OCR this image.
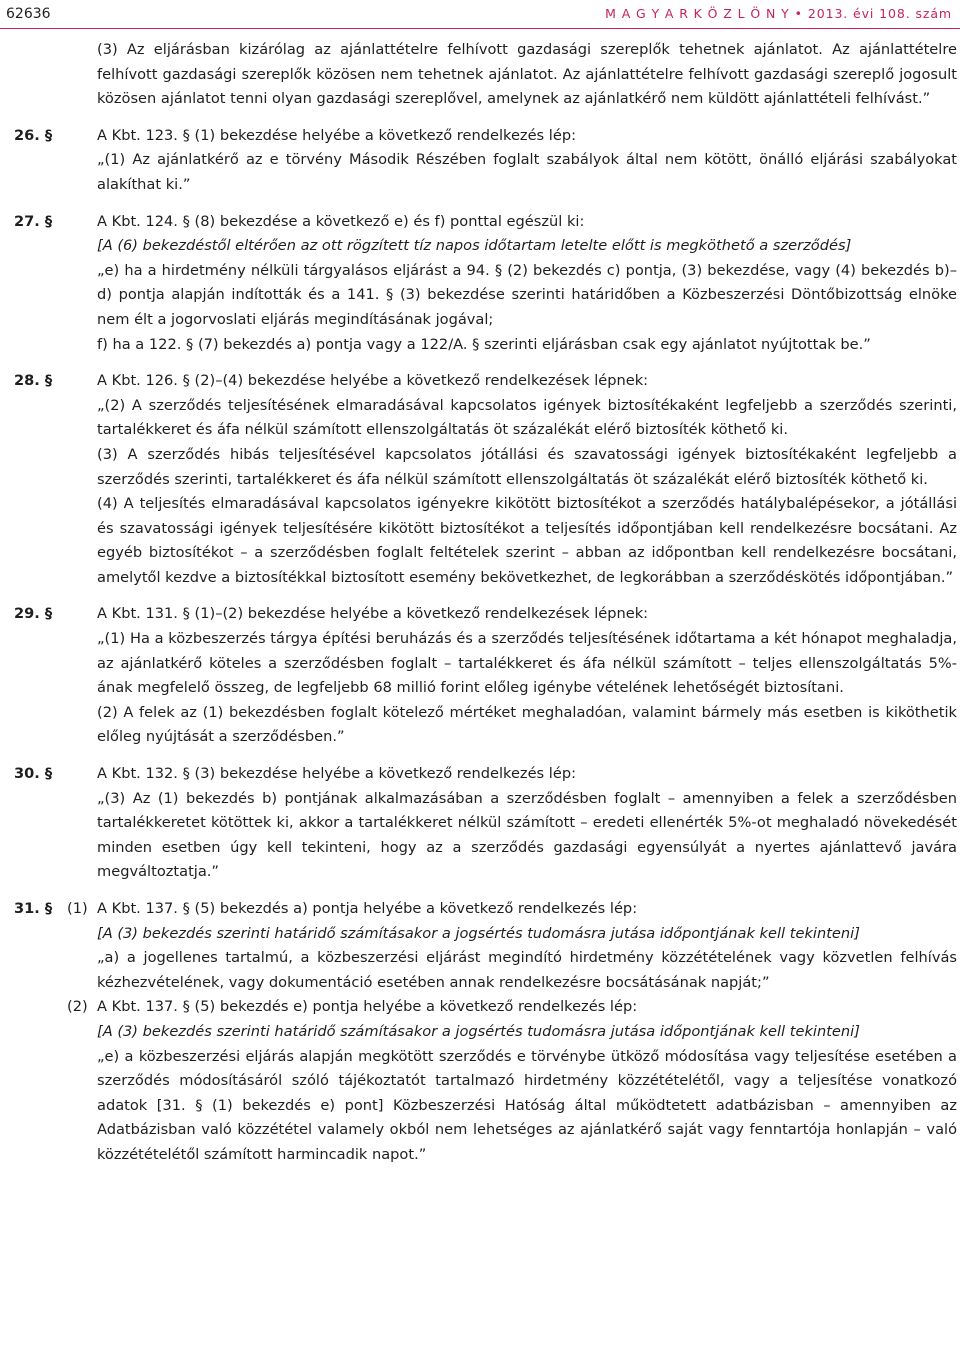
62636	M A G Y A R K Ö Z L Ö N Y • 2013. évi 108. szám

(3) Az eljárásban kizárólag az ajánlattételre felhívott gazdasági szereplők tehetnek ajánlatot. Az ajánlattételre felhívott gazdasági szereplők közösen nem tehetnek ajánlatot. Az ajánlattételre felhívott gazdasági szereplő jogosult közösen ajánlatot tenni olyan gazdasági szereplővel, amelynek az ajánlatkérő nem küldött ajánlattételi felhívást.”

26. §	A Kbt. 123. § (1) bekezdése helyébe a következő rendelkezés lép:

„(1) Az ajánlatkérő az e törvény Második Részében foglalt szabályok által nem kötött, önálló eljárási szabályokat alakíthat ki.”

27. §	A Kbt. 124. § (8) bekezdése a következő e) és f) ponttal egészül ki:

[A (6) bekezdéstől eltérően az ott rögzített tíz napos időtartam letelte előtt is megköthető a szerződés]

„e) ha a hirdetmény nélküli tárgyalásos eljárást a 94. § (2) bekezdés c) pontja, (3) bekezdése, vagy (4) bekezdés b)–d) pontja alapján indították és a 141. § (3) bekezdése szerinti határidőben a Közbeszerzési Döntőbizottság elnöke nem élt a jogorvoslati eljárás megindításának jogával;

f) ha a 122. § (7) bekezdés a) pontja vagy a 122/A. § szerinti eljárásban csak egy ajánlatot nyújtottak be.”

28. §	A Kbt. 126. § (2)–(4) bekezdése helyébe a következő rendelkezések lépnek:

„(2) A szerződés teljesítésének elmaradásával kapcsolatos igények biztosítékaként legfeljebb a szerződés szerinti, tartalékkeret és áfa nélkül számított ellenszolgáltatás öt százalékát elérő biztosíték köthető ki.

(3) A szerződés hibás teljesítésével kapcsolatos jótállási és szavatossági igények biztosítékaként legfeljebb a szerződés szerinti, tartalékkeret és áfa nélkül számított ellenszolgáltatás öt százalékát elérő biztosíték köthető ki.

(4) A teljesítés elmaradásával kapcsolatos igényekre kikötött biztosítékot a szerződés hatálybalépésekor, a jótállási és szavatossági igények teljesítésére kikötött biztosítékot a teljesítés időpontjában kell rendelkezésre bocsátani. Az egyéb biztosítékot – a szerződésben foglalt feltételek szerint – abban az időpontban kell rendelkezésre bocsátani, amelytől kezdve a biztosítékkal biztosított esemény bekövetkezhet, de legkorábban a szerződéskötés időpontjában.”

29. §	A Kbt. 131. § (1)–(2) bekezdése helyébe a következő rendelkezések lépnek:

„(1) Ha a közbeszerzés tárgya építési beruházás és a szerződés teljesítésének időtartama a két hónapot meghaladja, az ajánlatkérő köteles a szerződésben foglalt – tartalékkeret és áfa nélkül számított – teljes ellenszolgáltatás 5%-ának megfelelő összeg, de legfeljebb 68 millió forint előleg igénybe vételének lehetőségét biztosítani.

(2) A felek az (1) bekezdésben foglalt kötelező mértéket meghaladóan, valamint bármely más esetben is kiköthetik előleg nyújtását a szerződésben.”

30. §	A Kbt. 132. § (3) bekezdése helyébe a következő rendelkezés lép:

„(3) Az (1) bekezdés b) pontjának alkalmazásában a szerződésben foglalt – amennyiben a felek a szerződésben tartalékkeretet kötöttek ki, akkor a tartalékkeret nélkül számított – eredeti ellenérték 5%-ot meghaladó növekedését minden esetben úgy kell tekinteni, hogy az a szerződés gazdasági egyensúlyát a nyertes ajánlattevő javára megváltoztatja.”

31. § (1) A Kbt. 137. § (5) bekezdés a) pontja helyébe a következő rendelkezés lép:

[A (3) bekezdés szerinti határidő számításakor a jogsértés tudomásra jutása időpontjának kell tekinteni]

„a) a jogellenes tartalmú, a közbeszerzési eljárást megindító hirdetmény közzétételének vagy közvetlen felhívás kézhezvételének, vagy dokumentáció esetében annak rendelkezésre bocsátásának napját;”

(2) A Kbt. 137. § (5) bekezdés e) pontja helyébe a következő rendelkezés lép:

[A (3) bekezdés szerinti határidő számításakor a jogsértés tudomásra jutása időpontjának kell tekinteni]

„e) a közbeszerzési eljárás alapján megkötött szerződés e törvénybe ütköző módosítása vagy teljesítése esetében a szerződés módosításáról szóló tájékoztatót tartalmazó hirdetmény közzétételétől, vagy a teljesítése vonatkozó adatok [31. § (1) bekezdés e) pont] Közbeszerzési Hatóság által működtetett adatbázisban – amennyiben az Adatbázisban való közzététel valamely okból nem lehetséges az ajánlatkérő saját vagy fenntartója honlapján – való közzétételétől számított harmincadik napot.”
